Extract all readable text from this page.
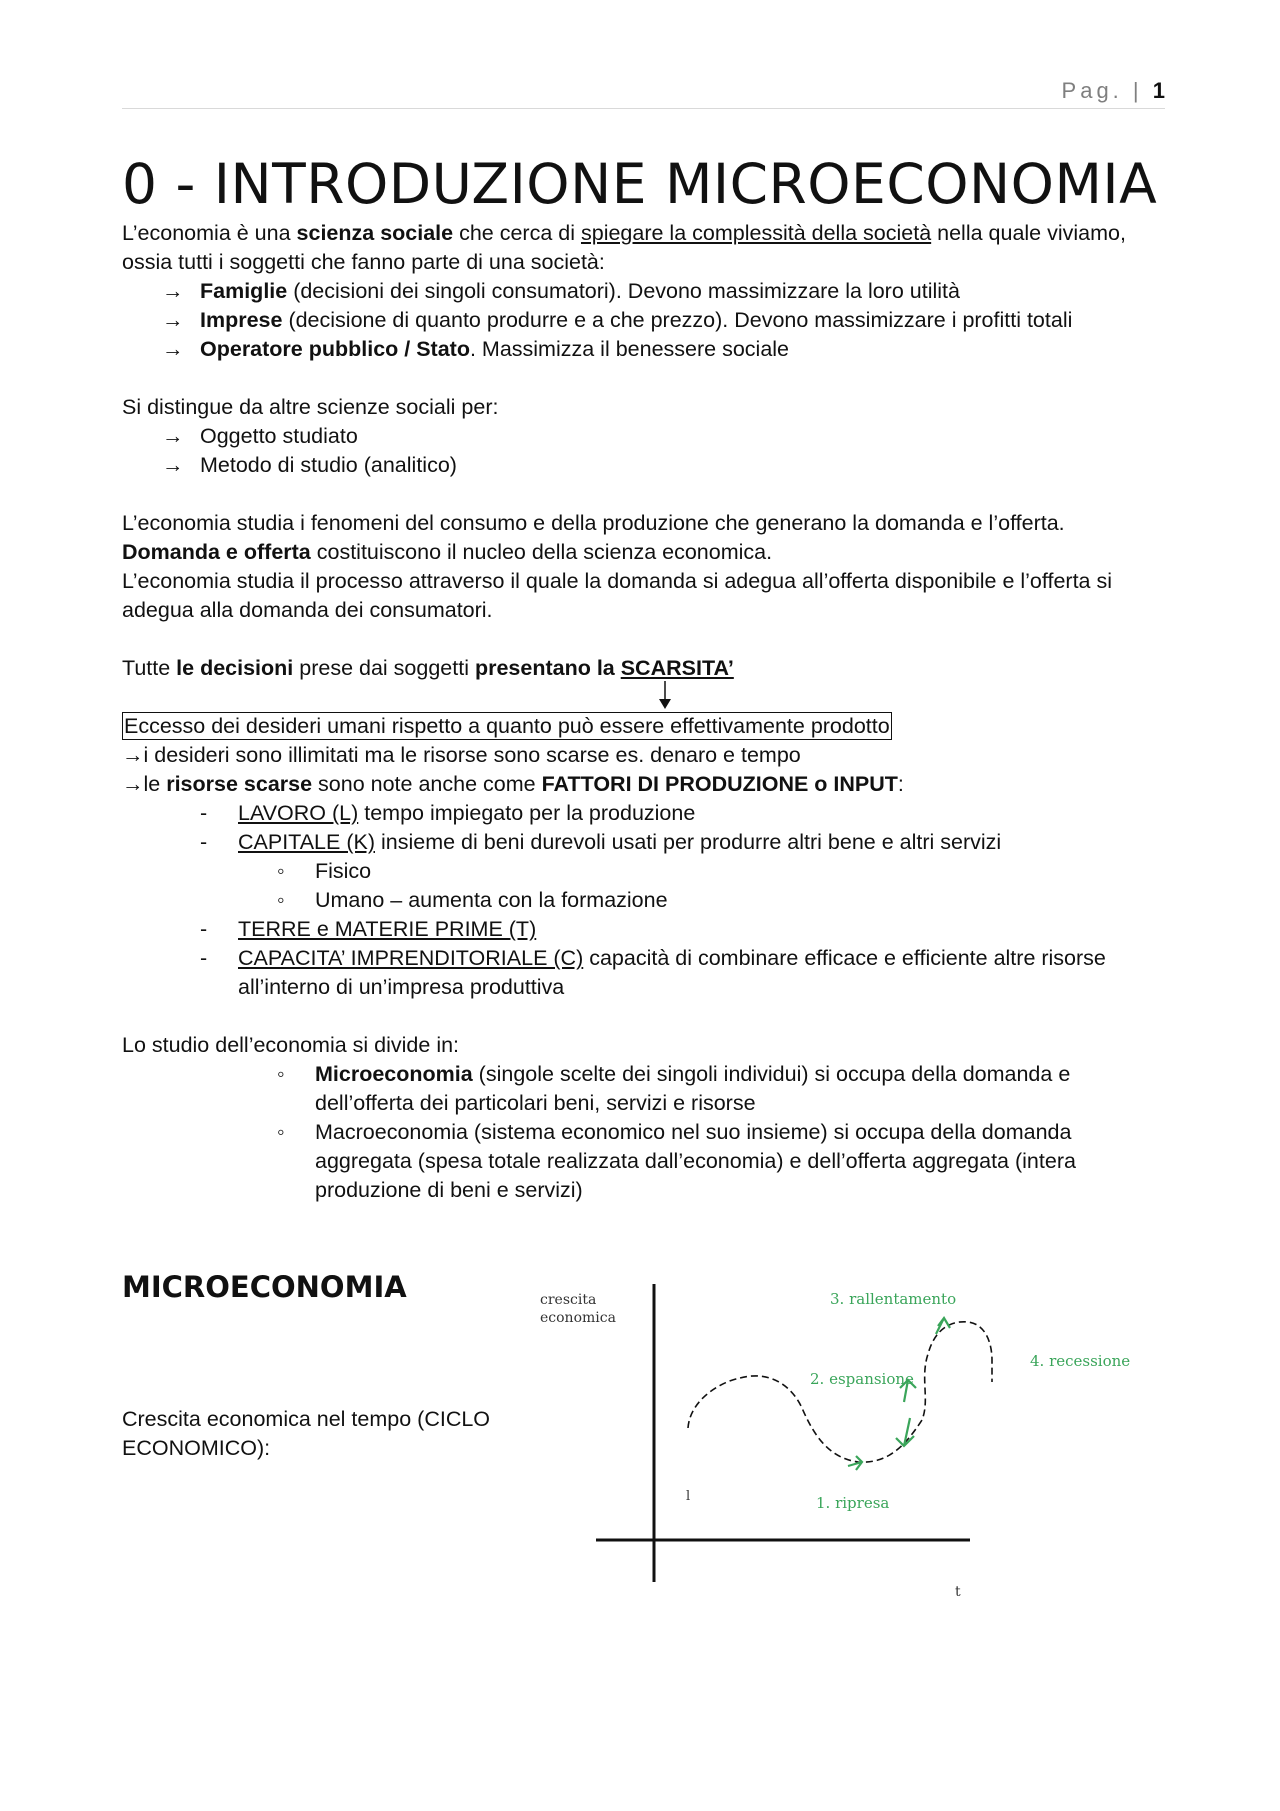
Pag. | 1
0 - INTRODUZIONE MICROECONOMIA
L’economia è una scienza sociale che cerca di spiegare la complessità della società nella quale viviamo,
ossia tutti i soggetti che fanno parte di una società:
→ Famiglie (decisioni dei singoli consumatori). Devono massimizzare la loro utilità
→ Imprese (decisione di quanto produrre e a che prezzo). Devono massimizzare i profitti totali
→ Operatore pubblico / Stato. Massimizza il benessere sociale
Si distingue da altre scienze sociali per:
→ Oggetto studiato
→ Metodo di studio (analitico)
L’economia studia i fenomeni del consumo e della produzione che generano la domanda e l’offerta.
Domanda e offerta costituiscono il nucleo della scienza economica.
L’economia studia il processo attraverso il quale la domanda si adegua all’offerta disponibile e l’offerta si
adegua alla domanda dei consumatori.
Tutte le decisioni prese dai soggetti presentano la SCARSITA’
Eccesso dei desideri umani rispetto a quanto può essere effettivamente prodotto
→i desideri sono illimitati ma le risorse sono scarse es. denaro e tempo
→le risorse scarse sono note anche come FATTORI DI PRODUZIONE o INPUT:
- LAVORO (L) tempo impiegato per la produzione
- CAPITALE (K) insieme di beni durevoli usati per produrre altri bene e altri servizi
◦ Fisico
◦ Umano – aumenta con la formazione
- TERRE e MATERIE PRIME (T)
- CAPACITA’ IMPRENDITORIALE (C) capacità di combinare efficace e efficiente altre risorse
all’interno di un’impresa produttiva
Lo studio dell’economia si divide in:
◦ Microeconomia (singole scelte dei singoli individui) si occupa della domanda e
dell’offerta dei particolari beni, servizi e risorse
◦ Macroeconomia (sistema economico nel suo insieme) si occupa della domanda
aggregata (spesa totale realizzata dall’economia) e dell’offerta aggregata (intera
produzione di beni e servizi)
MICROECONOMIA
Crescita economica nel tempo (CICLO
ECONOMICO):
crescita
economica
t
l	1. ripresa
2. espansione
3. rallentamento
4. recessione
